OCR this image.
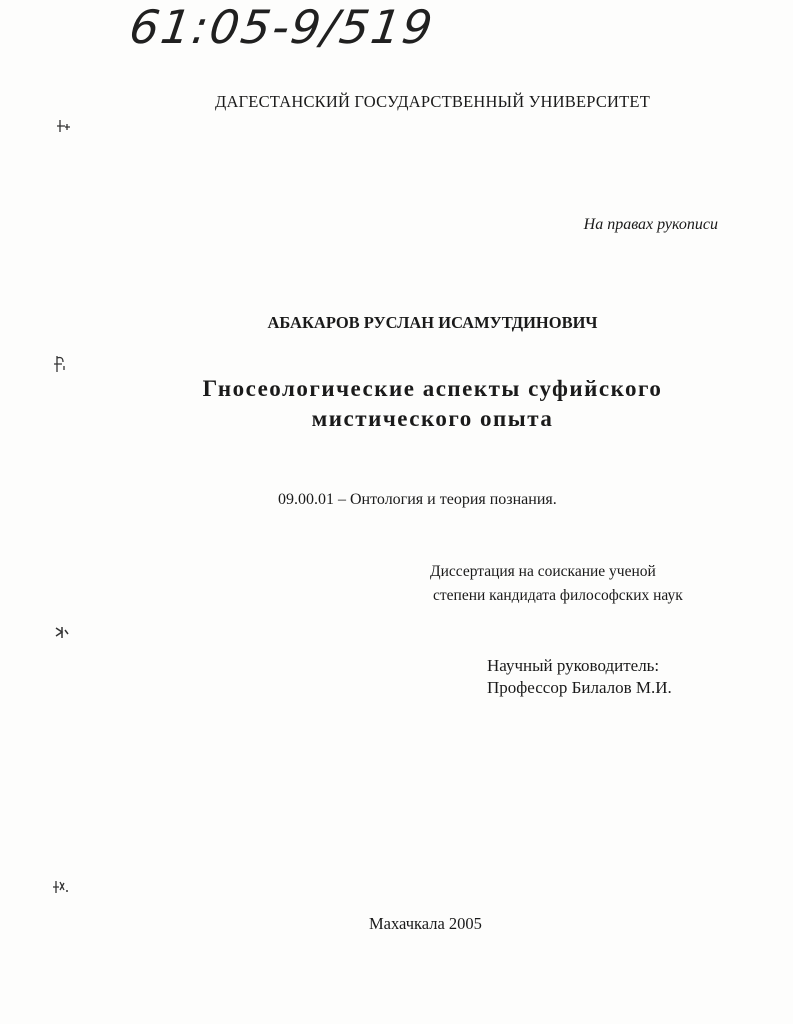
61:05-9/519
ДАГЕСТАНСКИЙ ГОСУДАРСТВЕННЫЙ УНИВЕРСИТЕТ
На правах рукописи
АБАКАРОВ РУСЛАН ИСАМУТДИНОВИЧ
Гносеологические аспекты суфийского
мистического опыта
09.00.01 – Онтология и теория познания.
Диссертация на соискание ученой
степени кандидата философских наук
Научный руководитель:
Профессор Билалов М.И.
Махачкала 2005
